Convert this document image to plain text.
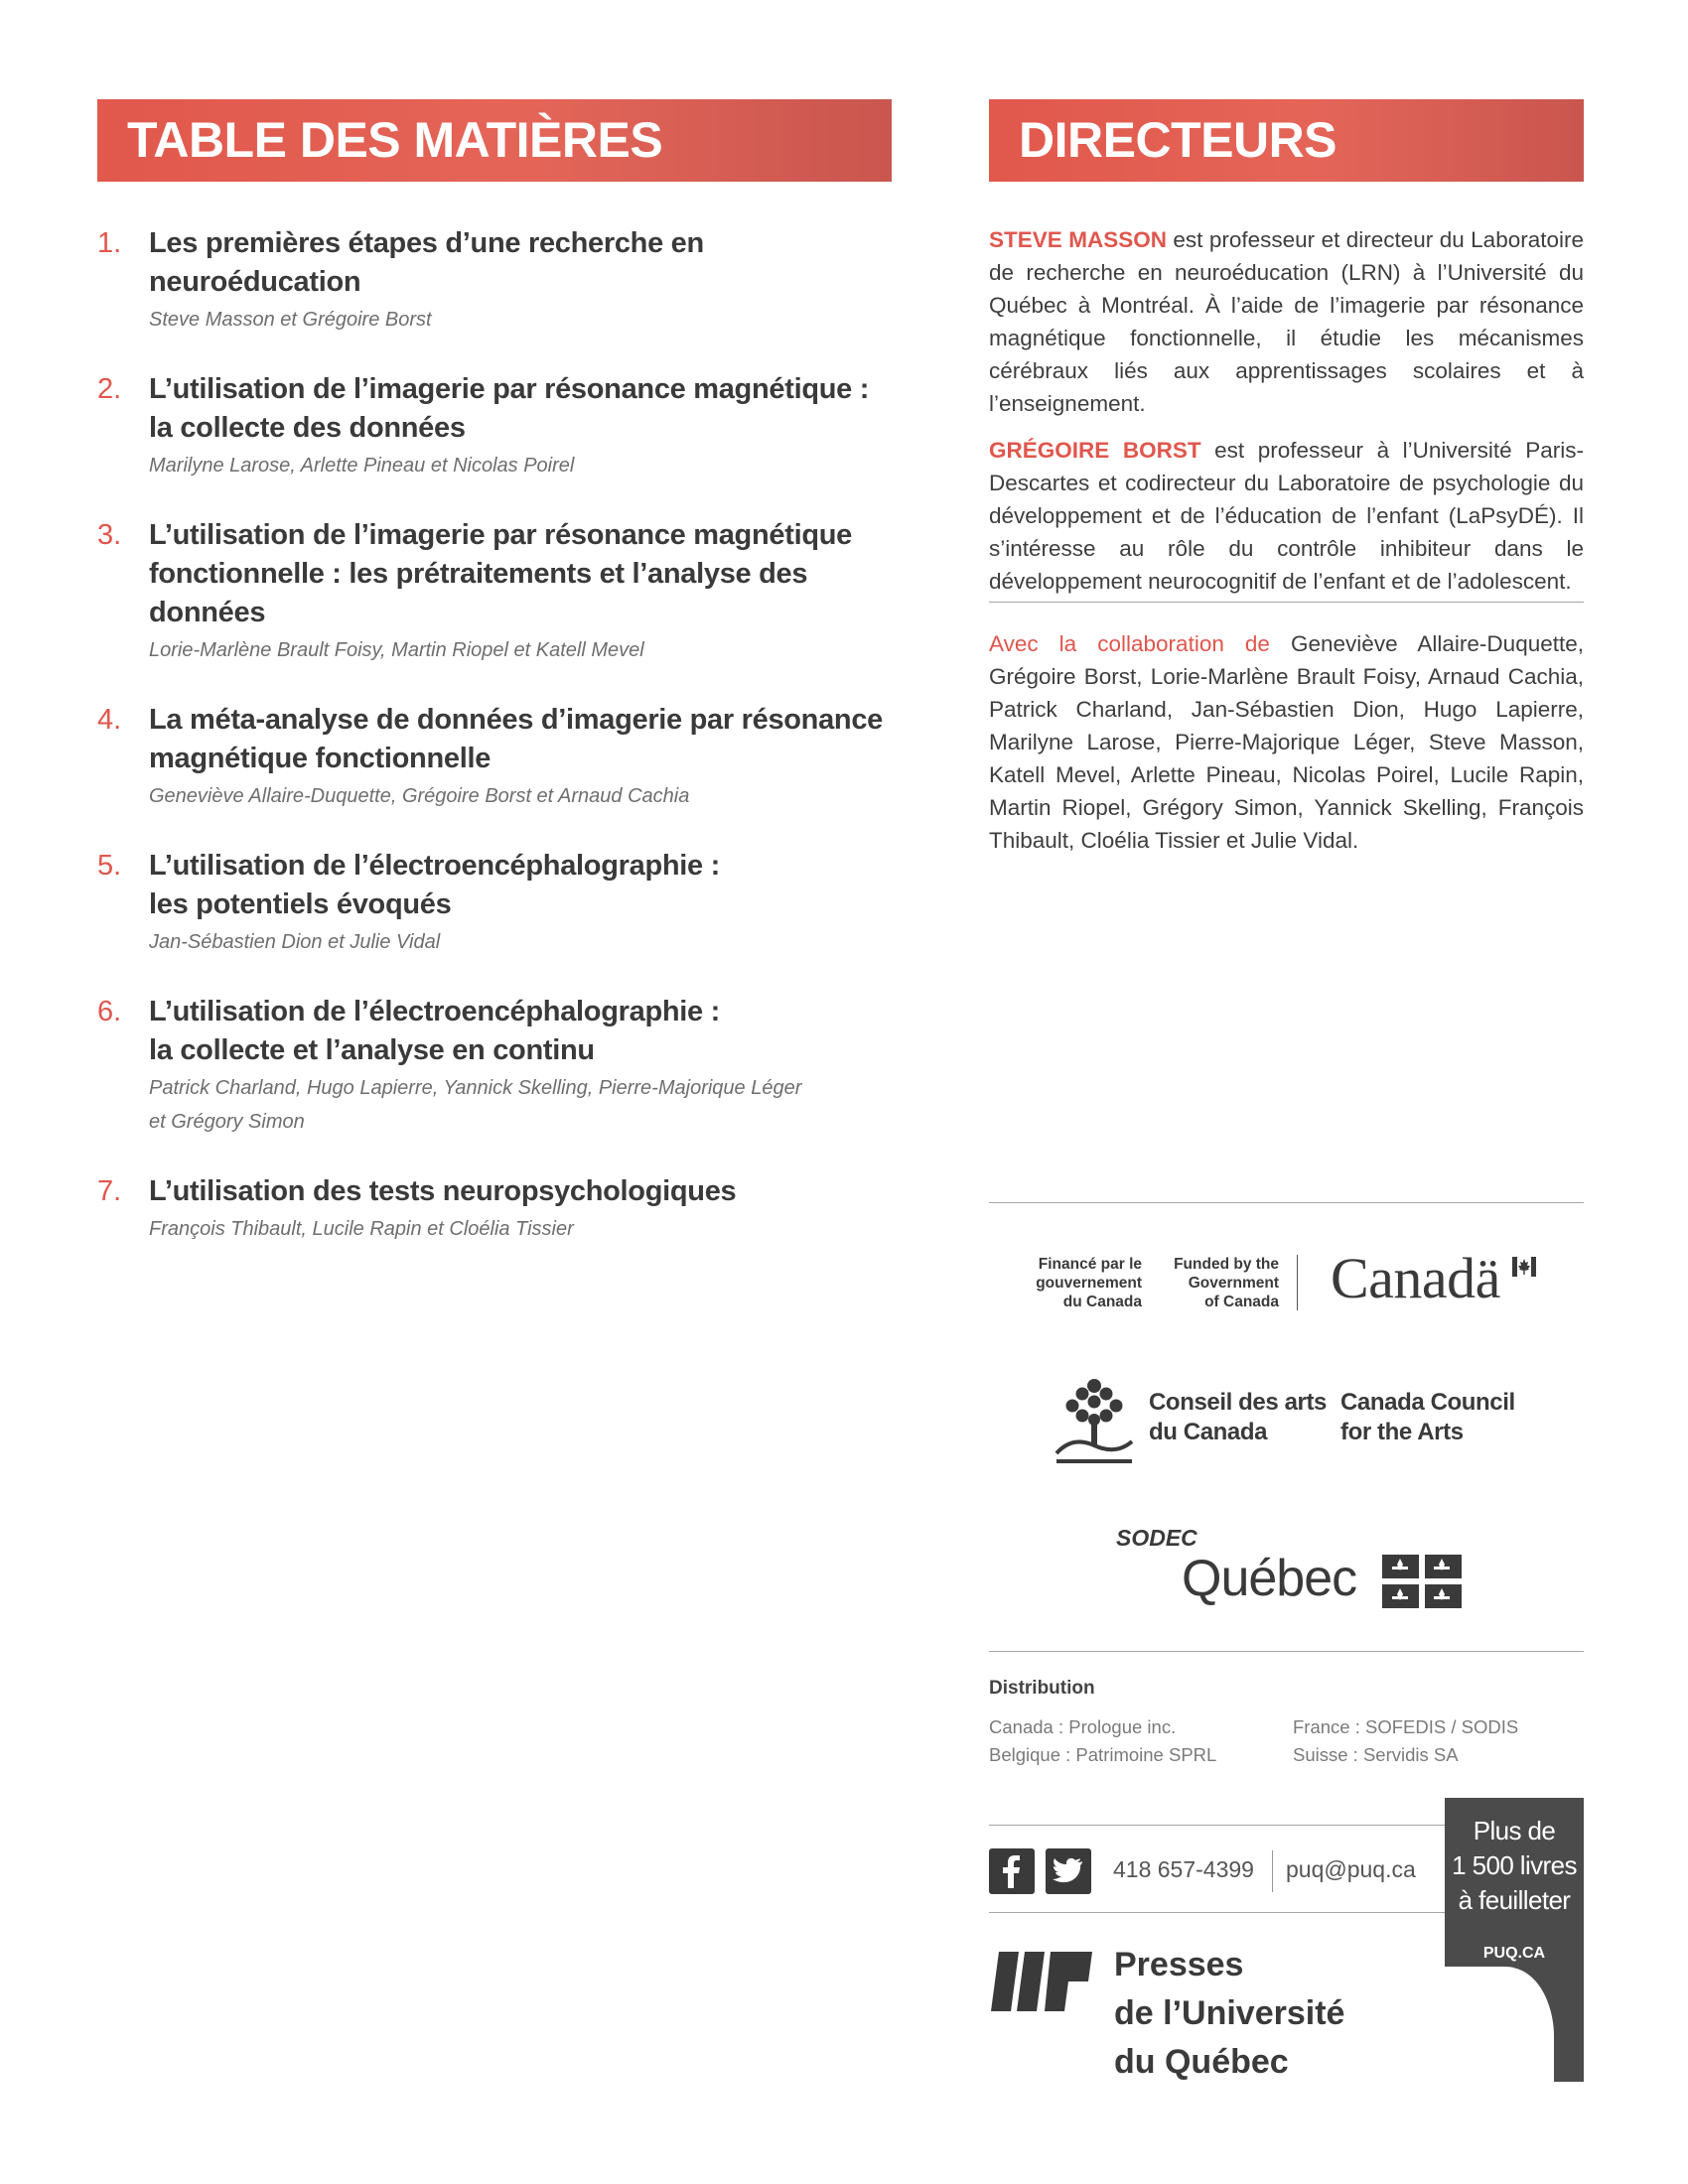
TABLE DES MATIÈRES
1. Les premières étapes d’une recherche en neuroéducation
Steve Masson et Grégoire Borst
2. L’utilisation de l’imagerie par résonance magnétique :
la collecte des données
Marilyne Larose, Arlette Pineau et Nicolas Poirel
3. L’utilisation de l’imagerie par résonance magnétique
fonctionnelle : les prétraitements et l’analyse des données
Lorie-Marlène Brault Foisy, Martin Riopel et Katell Mevel
4. La méta-analyse de données d’imagerie par résonance
magnétique fonctionnelle
Geneviève Allaire-Duquette, Grégoire Borst et Arnaud Cachia
5. L’utilisation de l’électroencéphalographie :
les potentiels évoqués
Jan-Sébastien Dion et Julie Vidal
6. L’utilisation de l’électroencéphalographie :
la collecte et l’analyse en continu
Patrick Charland, Hugo Lapierre, Yannick Skelling, Pierre-Majorique Léger
et Grégory Simon
7. L’utilisation des tests neuropsychologiques
François Thibault, Lucile Rapin et Cloélia Tissier
DIRECTEURS

STEVE MASSON est professeur et directeur du Laboratoire de recherche en neuroéducation (LRN) à l’Université du Québec à Montréal. À l’aide de l’imagerie par résonance magnétique fonctionnelle, il étudie les mécanismes cérébraux liés aux apprentissages scolaires et à l’enseignement.

GRÉGOIRE BORST est professeur à l’Université Paris-Descartes et codirecteur du Laboratoire de psychologie du développement et de l’éducation de l’enfant (LaPsyDÉ). Il s’intéresse au rôle du contrôle inhibiteur dans le développement neurocognitif de l’enfant et de l’adolescent.

Avec la collaboration de Geneviève Allaire-Duquette, Grégoire Borst, Lorie-Marlène Brault Foisy, Arnaud Cachia, Patrick Charland, Jan-Sébastien Dion, Hugo Lapierre, Marilyne Larose, Pierre-Majorique Léger, Steve Masson, Katell Mevel, Arlette Pineau, Nicolas Poirel, Lucile Rapin, Martin Riopel, Grégory Simon, Yannick Skelling, François Thibault, Cloélia Tissier et Julie Vidal.

Financé par le
gouvernement
du Canada
Funded by the
Government
of Canada Canadä
Conseil des arts
du Canada
Canada Council
for the Arts
SODEC
Québec
Distribution
Canada : Prologue inc.
Belgique : Patrimoine SPRL
France : SOFEDIS / SODIS
Suisse : Servidis SA
418 657-4399 puq@puq.ca
Presses
de l’Université
du Québec
Plus de
1 500 livres
à feuilleter
PUQ.CA
